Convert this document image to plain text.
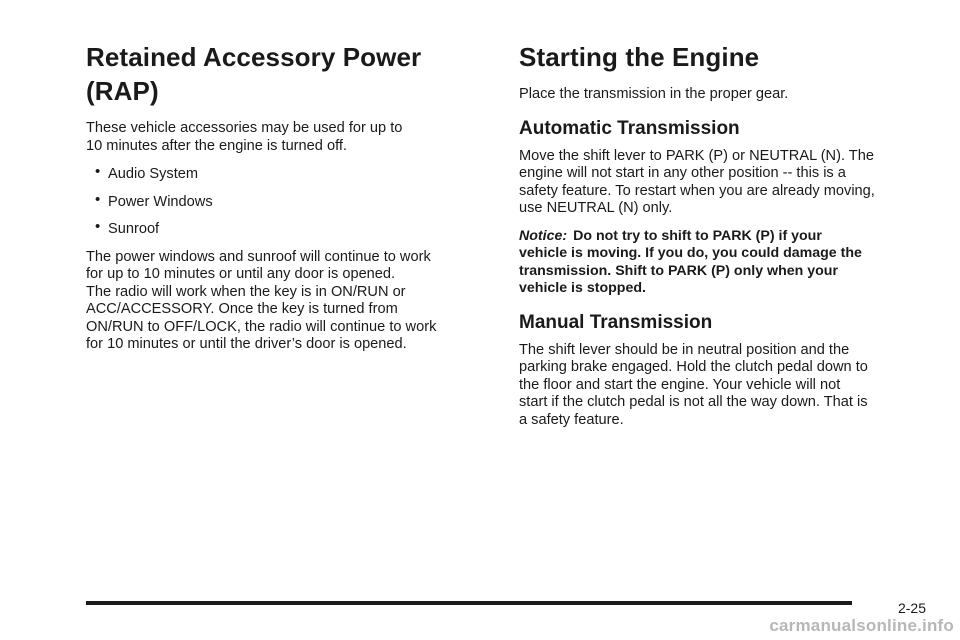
Retained Accessory Power (RAP)

These vehicle accessories may be used for up to
10 minutes after the engine is turned off.

• Audio System
• Power Windows
• Sunroof

The power windows and sunroof will continue to work
for up to 10 minutes or until any door is opened.
The radio will work when the key is in ON/RUN or
ACC/ACCESSORY. Once the key is turned from
ON/RUN to OFF/LOCK, the radio will continue to work
for 10 minutes or until the driver’s door is opened.

Starting the Engine

Place the transmission in the proper gear.

Automatic Transmission

Move the shift lever to PARK (P) or NEUTRAL (N). The
engine will not start in any other position -- this is a
safety feature. To restart when you are already moving,
use NEUTRAL (N) only.

Notice: Do not try to shift to PARK (P) if your
vehicle is moving. If you do, you could damage the
transmission. Shift to PARK (P) only when your
vehicle is stopped.

Manual Transmission

The shift lever should be in neutral position and the
parking brake engaged. Hold the clutch pedal down to
the floor and start the engine. Your vehicle will not
start if the clutch pedal is not all the way down. That is
a safety feature.

2-25
carmanualsonline.info
